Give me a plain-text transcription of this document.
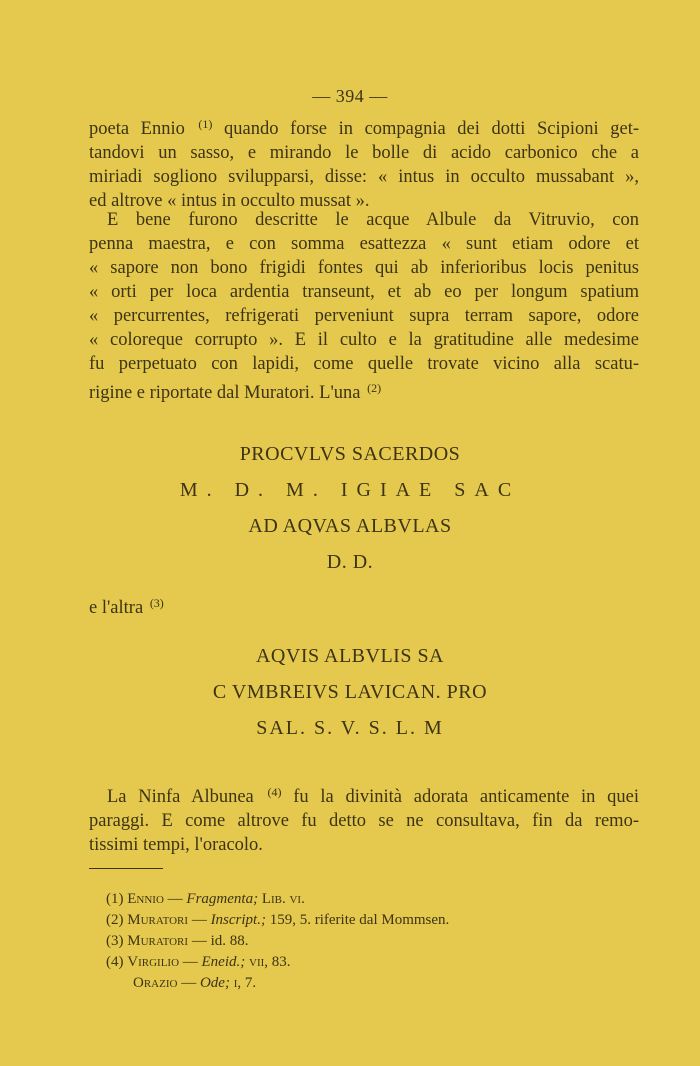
— 394 —
poeta Ennio $^{(1)}$ quando forse in compagnia dei dotti Scipioni get-
tandovi un sasso, e mirando le bolle di acido carbonico che a
miriadi sogliono svilupparsi, disse: « intus in occulto mussabant »,
ed altrove « intus in occulto mussat ».
E bene furono descritte le acque Albule da Vitruvio, con
penna maestra, e con somma esattezza « sunt etiam odore et
« sapore non bono frigidi fontes qui ab inferioribus locis penitus
« orti per loca ardentia transeunt, et ab eo per longum spatium
« percurrentes, refrigerati perveniunt supra terram sapore, odore
« coloreque corrupto ». E il culto e la gratitudine alle medesime
fu perpetuato con lapidi, come quelle trovate vicino alla scatu-
rigine e riportate dal Muratori. L'una $^{(2)}$
PROCVLVS SACERDOS
M. D. M. IGIAE SAC
AD AQVAS ALBVLAS
D. D.
e l'altra $^{(3)}$
AQVIS ALBVLIS SA
C VMBREIVS LAVICAN. PRO
SAL. S. V. S. L. M
La Ninfa Albunea $^{(4)}$ fu la divinità adorata anticamente in quei
paraggi. E come altrove fu detto se ne consultava, fin da remo-
tissimi tempi, l'oracolo.
(1) Ennio — Fragmenta; Lib. vi.
(2) Muratori — Inscript.; 159, 5. riferite dal Mommsen.
(3) Muratori — id. 88.
(4) Virgilio — Eneid.; vii, 83.
Orazio — Ode; i, 7.
